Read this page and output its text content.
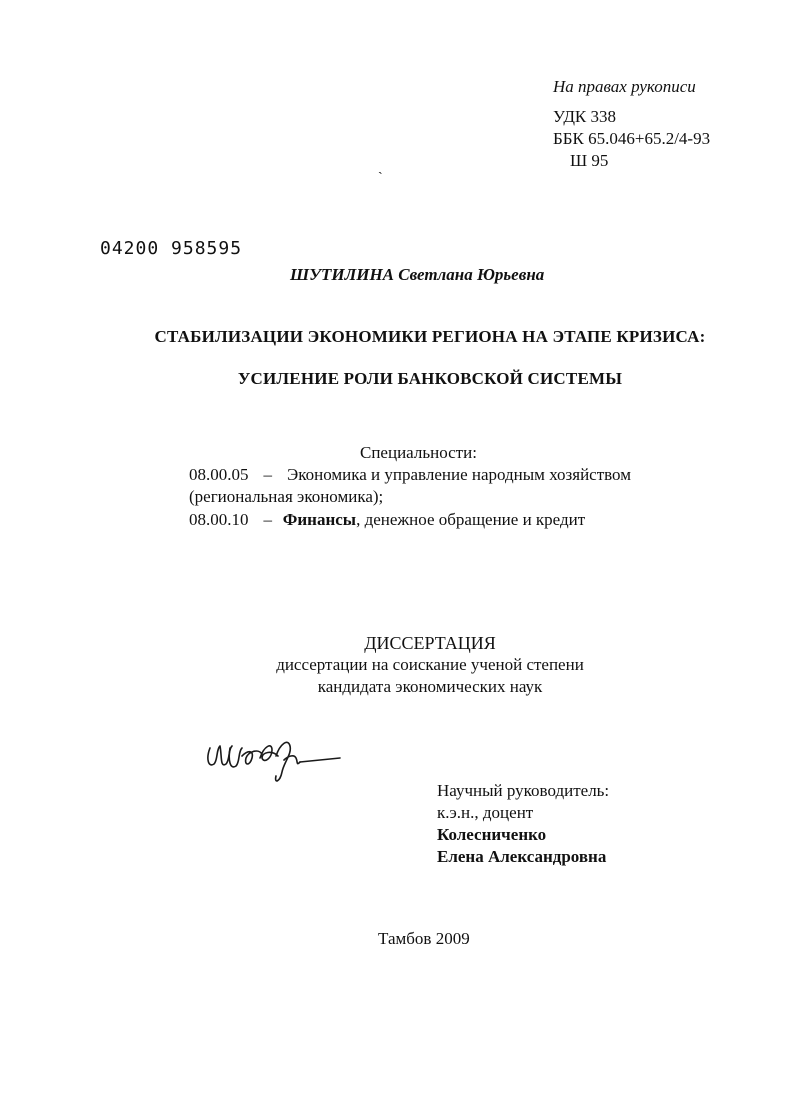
На правах рукописи
УДК 338
ББК 65.046+65.2/4-93
Ш 95
ˎ
04200 958595
ШУТИЛИНА Светлана Юрьевна
СТАБИЛИЗАЦИИ ЭКОНОМИКИ РЕГИОНА НА ЭТАПЕ КРИЗИСА:
УСИЛЕНИЕ РОЛИ БАНКОВСКОЙ СИСТЕМЫ
Специальности:
08.00.05 – Экономика и управление народным хозяйством
(региональная экономика);
08.00.10 – Финансы, денежное обращение и кредит
ДИССЕРТАЦИЯ
диссертации на соискание ученой степени
кандидата экономических наук
Научный руководитель:
к.э.н., доцент
Колесниченко
Елена Александровна
Тамбов 2009
